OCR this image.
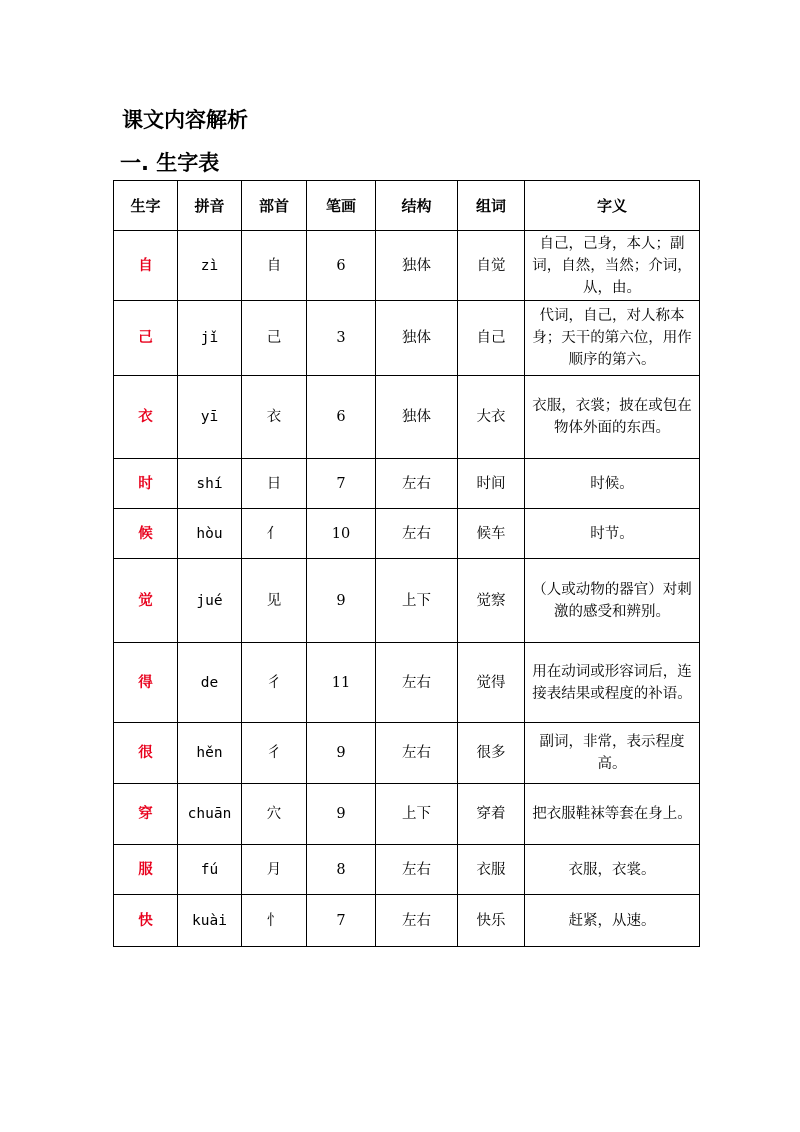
课文内容解析
一. 生字表
生字	拼音	部首	笔画	结构	组词	字义
自	zì	自	6	独体	自觉	自己，己身，本人；副词，自然，当然；介词，从，由。
己	jǐ	己	3	独体	自己	代词，自己，对人称本身；天干的第六位，用作顺序的第六。
衣	yī	衣	6	独体	大衣	衣服，衣裳；披在或包在物体外面的东西。
时	shí	日	7	左右	时间	时候。
候	hòu	亻	10	左右	候车	时节。
觉	jué	见	9	上下	觉察	（人或动物的器官）对刺激的感受和辨别。
得	de	彳	11	左右	觉得	用在动词或形容词后，连接表结果或程度的补语。
很	hěn	彳	9	左右	很多	副词，非常，表示程度高。
穿	chuān	穴	9	上下	穿着	把衣服鞋袜等套在身上。
服	fú	月	8	左右	衣服	衣服，衣裳。
快	kuài	忄	7	左右	快乐	赶紧，从速。
